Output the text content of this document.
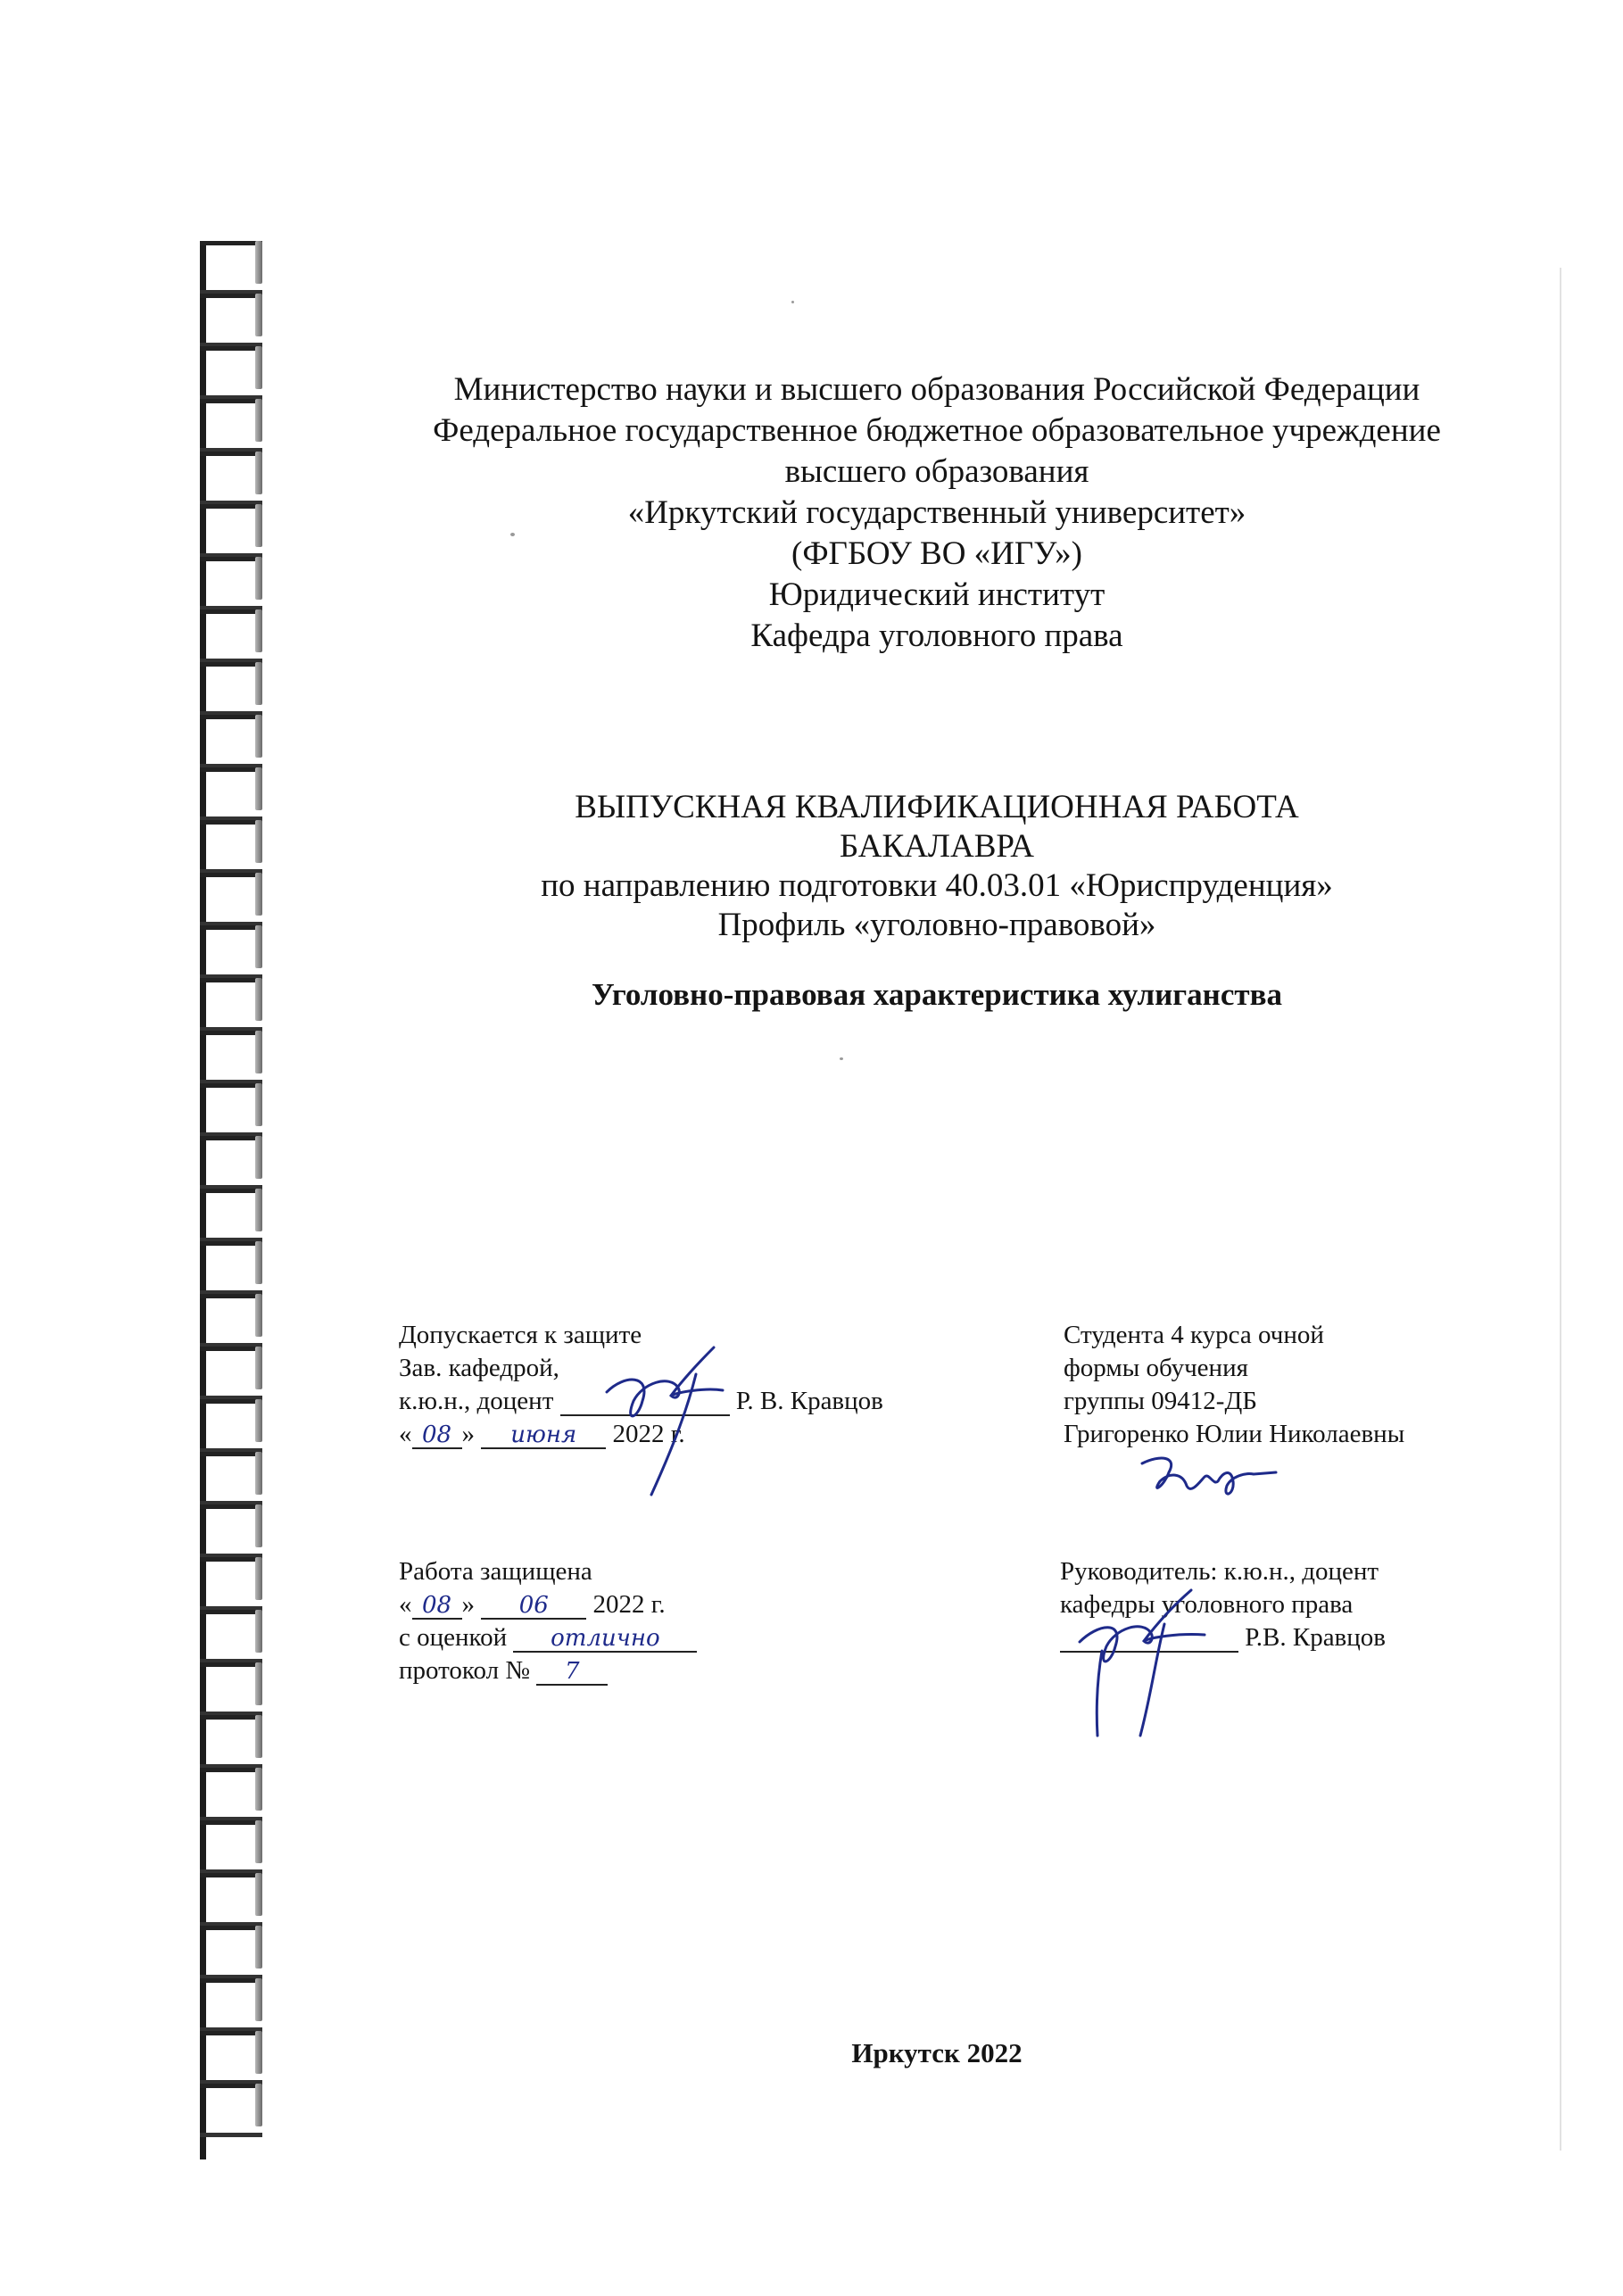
Министерство науки и высшего образования Российской Федерации
Федеральное государственное бюджетное образовательное учреждение
высшего образования
«Иркутский государственный университет»
(ФГБОУ ВО «ИГУ»)
Юридический институт
Кафедра уголовного права
ВЫПУСКНАЯ КВАЛИФИКАЦИОННАЯ РАБОТА
БАКАЛАВРА
по направлению подготовки 40.03.01 «Юриспруденция»
Профиль «уголовно-правовой»
Уголовно-правовая характеристика хулиганства
Допускается к защите
Зав. кафедрой,
к.ю.н., доцент	Р. В. Кравцов
« 08 » июня 2022 г.
Студента 4 курса очной
формы обучения
группы 09412-ДБ
Григоренко Юлии Николаевны
Работа защищена
« 08 » 06 2022 г.
с оценкой отлично
протокол № 7
Руководитель: к.ю.н., доцент
кафедры уголовного права
Р.В. Кравцов
Иркутск 2022
